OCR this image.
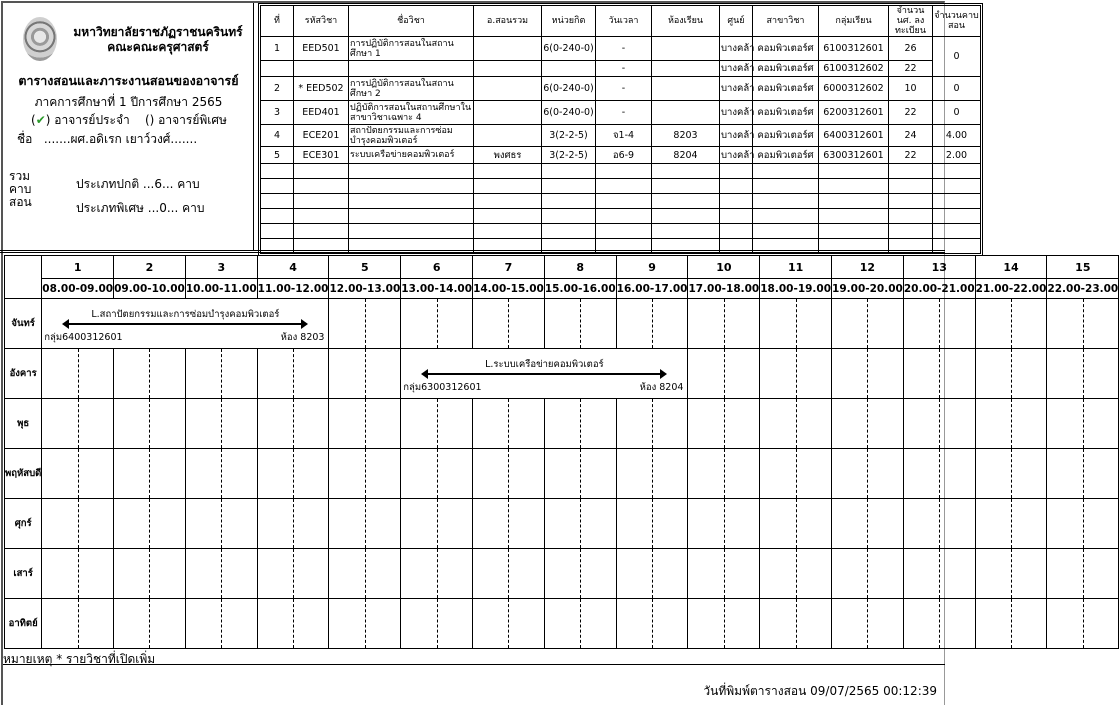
มหาวิทยาลัยราชภัฏราชนครินทร์
คณะคณะครุศาสตร์
ตารางสอนและภาระงานสอนของอาจารย์
ภาคการศึกษาที่ 1 ปีการศึกษา 2565
(✔) อาจารย์ประจำ () อาจารย์พิเศษ
ชื่อ .......ผศ.อดิเรก เยาว์วงศ์.......
รวมคาบสอน
ประเภทปกติ ...6... คาบ
ประเภทพิเศษ ...0... คาบ
ที่	รหัสวิชา	ชื่อวิชา	อ.สอนรวม	หน่วยกิต	วันเวลา	ห้องเรียน	ศูนย์	สาขาวิชา	กลุ่มเรียน	จำนวน นศ. ลงทะเบียน	จำนวนคาบสอน
1	EED501	การปฏิบัติการสอนในสถานศึกษา 1		6(0-240-0)	-		บางคล้า	คอมพิวเตอร์ศ	6100312601	26	0
					-		บางคล้า	คอมพิวเตอร์ศ	6100312602	22	
2	* EED502	การปฏิบัติการสอนในสถานศึกษา 2		6(0-240-0)	-		บางคล้า	คอมพิวเตอร์ศ	6000312602	10	0
3	EED401	ปฏิบัติการสอนในสถานศึกษาในสาขาวิชาเฉพาะ 4		6(0-240-0)	-		บางคล้า	คอมพิวเตอร์ศ	6200312601	22	0
4	ECE201	สถาปัตยกรรมและการซ่อมบำรุงคอมพิวเตอร์		3(2-2-5)	จ1-4	8203	บางคล้า	คอมพิวเตอร์ศ	6400312601	24	4.00
5	ECE301	ระบบเครือข่ายคอมพิวเตอร์	พงศธร	3(2-2-5)	อ6-9	8204	บางคล้า	คอมพิวเตอร์ศ	6300312601	22	2.00

	1	2	3	4	5	6	7	8	9	10	11	12	13	14	15
	08.00-09.00	09.00-10.00	10.00-11.00	11.00-12.00	12.00-13.00	13.00-14.00	14.00-15.00	15.00-16.00	16.00-17.00	17.00-18.00	18.00-19.00	19.00-20.00	20.00-21.00	21.00-22.00	22.00-23.00
จันทร์	L.สถาปัตยกรรมและการซ่อมบำรุงคอมพิวเตอร์
กลุ่ม6400312601 ห้อง 8203														

อังคาร						L.ระบบเครือข่ายคอมพิวเตอร์
กลุ่ม6300312601 ห้อง 8204									

พุธ															
พฤหัสบดี															
ศุกร์															
เสาร์															
อาทิตย์															
หมายเหตุ * รายวิชาที่เปิดเพิ่ม
วันที่พิมพ์ตารางสอน 09/07/2565 00:12:39
